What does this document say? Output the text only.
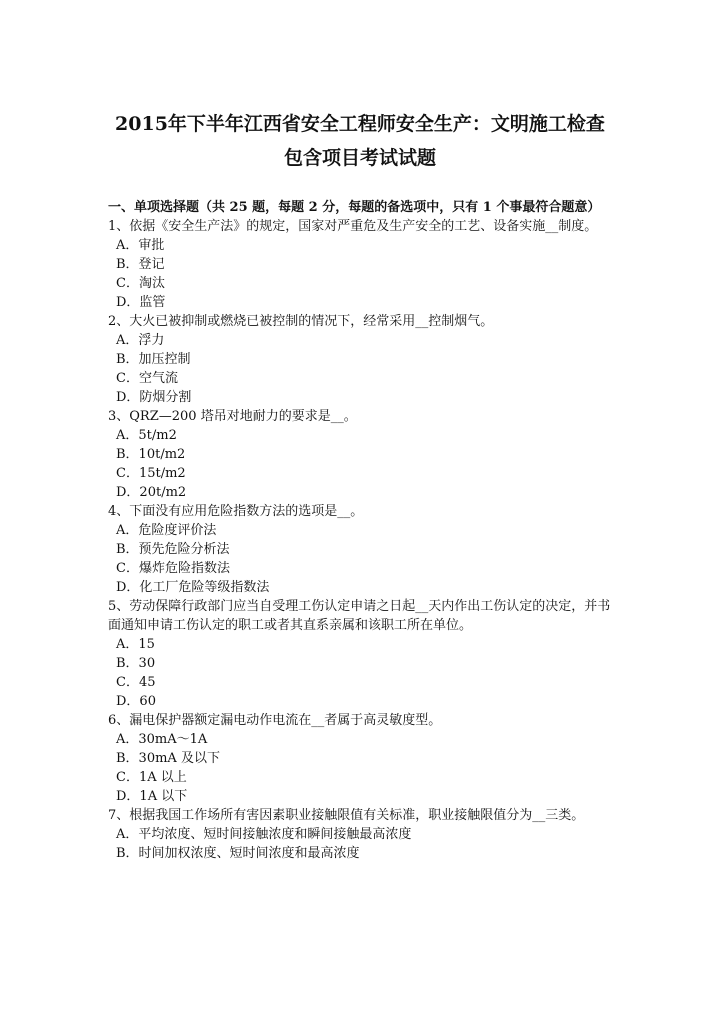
2015年下半年江西省安全工程师安全生产：文明施工检查
包含项目考试试题

一、单项选择题（共 25 题，每题 2 分，每题的备选项中，只有 1 个事最符合题意）

1、依据《安全生产法》的规定，国家对严重危及生产安全的工艺、设备实施__制度。

A．审批

B．登记

C．淘汰

D．监管

2、大火已被抑制或燃烧已被控制的情况下，经常采用__控制烟气。

A．浮力

B．加压控制

C．空气流

D．防烟分割

3、QRZ—200 塔吊对地耐力的要求是__。

A．5t/m2

B．10t/m2

C．15t/m2

D．20t/m2

4、下面没有应用危险指数方法的选项是__。

A．危险度评价法

B．预先危险分析法

C．爆炸危险指数法

D．化工厂危险等级指数法

5、劳动保障行政部门应当自受理工伤认定申请之日起__天内作出工伤认定的决定，并书面通知申请工伤认定的职工或者其直系亲属和该职工所在单位。

A．15

B．30

C．45

D．60

6、漏电保护器额定漏电动作电流在__者属于高灵敏度型。

A．30mA～1A

B．30mA 及以下

C．1A 以上

D．1A 以下

7、根据我国工作场所有害因素职业接触限值有关标准，职业接触限值分为__三类。

A．平均浓度、短时间接触浓度和瞬间接触最高浓度

B．时间加权浓度、短时间浓度和最高浓度
